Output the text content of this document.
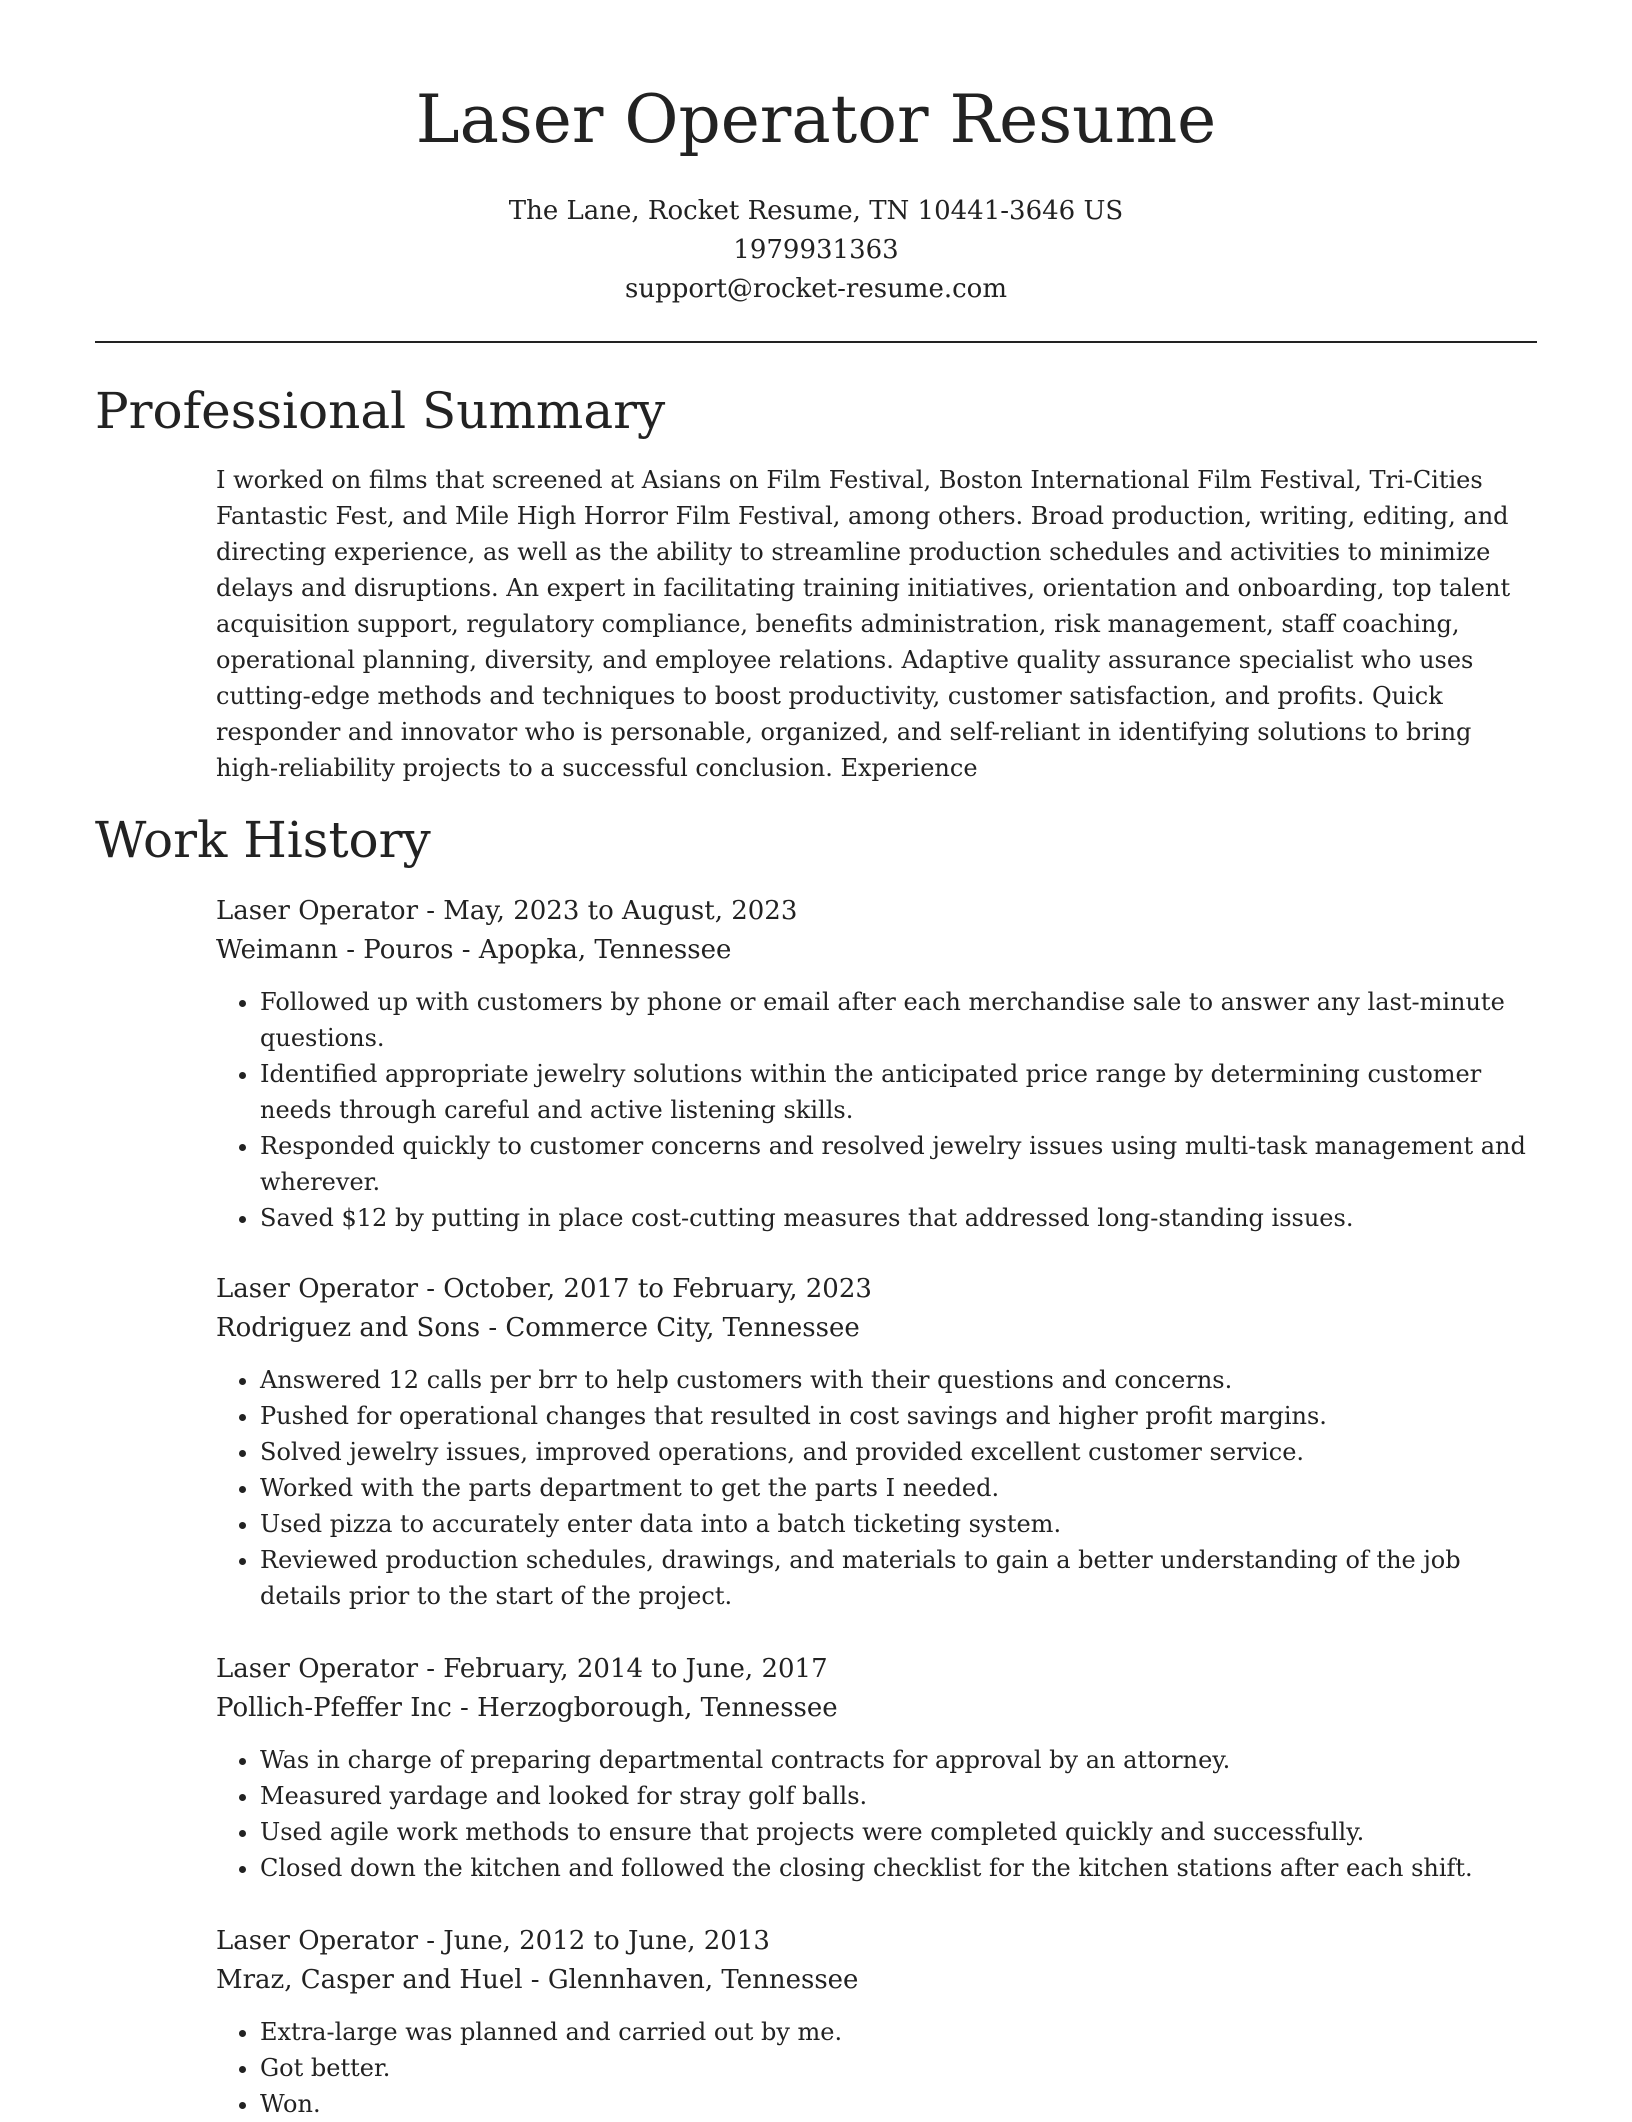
Laser Operator Resume
The Lane, Rocket Resume, TN 10441-3646 US
1979931363
support@rocket-resume.com
Professional Summary

I worked on films that screened at Asians on Film Festival, Boston International Film Festival, Tri-Cities Fantastic Fest, and Mile High Horror Film Festival, among others. Broad production, writing, editing, and directing experience, as well as the ability to streamline production schedules and activities to minimize delays and disruptions. An expert in facilitating training initiatives, orientation and onboarding, top talent acquisition support, regulatory compliance, benefits administration, risk management, staff coaching, operational planning, diversity, and employee relations. Adaptive quality assurance specialist who uses cutting-edge methods and techniques to boost productivity, customer satisfaction, and profits. Quick responder and innovator who is personable, organized, and self-reliant in identifying solutions to bring high-reliability projects to a successful conclusion. Experience

Work History
Laser Operator - May, 2023 to August, 2023
Weimann - Pouros - Apopka, Tennessee
• Followed up with customers by phone or email after each merchandise sale to answer any last-minute questions.
• Identified appropriate jewelry solutions within the anticipated price range by determining customer needs through careful and active listening skills.
• Responded quickly to customer concerns and resolved jewelry issues using multi-task management and wherever.
• Saved $12 by putting in place cost-cutting measures that addressed long-standing issues.
Laser Operator - October, 2017 to February, 2023
Rodriguez and Sons - Commerce City, Tennessee
• Answered 12 calls per brr to help customers with their questions and concerns.
• Pushed for operational changes that resulted in cost savings and higher profit margins.
• Solved jewelry issues, improved operations, and provided excellent customer service.
• Worked with the parts department to get the parts I needed.
• Used pizza to accurately enter data into a batch ticketing system.
• Reviewed production schedules, drawings, and materials to gain a better understanding of the job details prior to the start of the project.
Laser Operator - February, 2014 to June, 2017
Pollich-Pfeffer Inc - Herzogborough, Tennessee
• Was in charge of preparing departmental contracts for approval by an attorney.
• Measured yardage and looked for stray golf balls.
• Used agile work methods to ensure that projects were completed quickly and successfully.
• Closed down the kitchen and followed the closing checklist for the kitchen stations after each shift.
Laser Operator - June, 2012 to June, 2013
Mraz, Casper and Huel - Glennhaven, Tennessee
• Extra-large was planned and carried out by me.
• Got better.
• Won.
